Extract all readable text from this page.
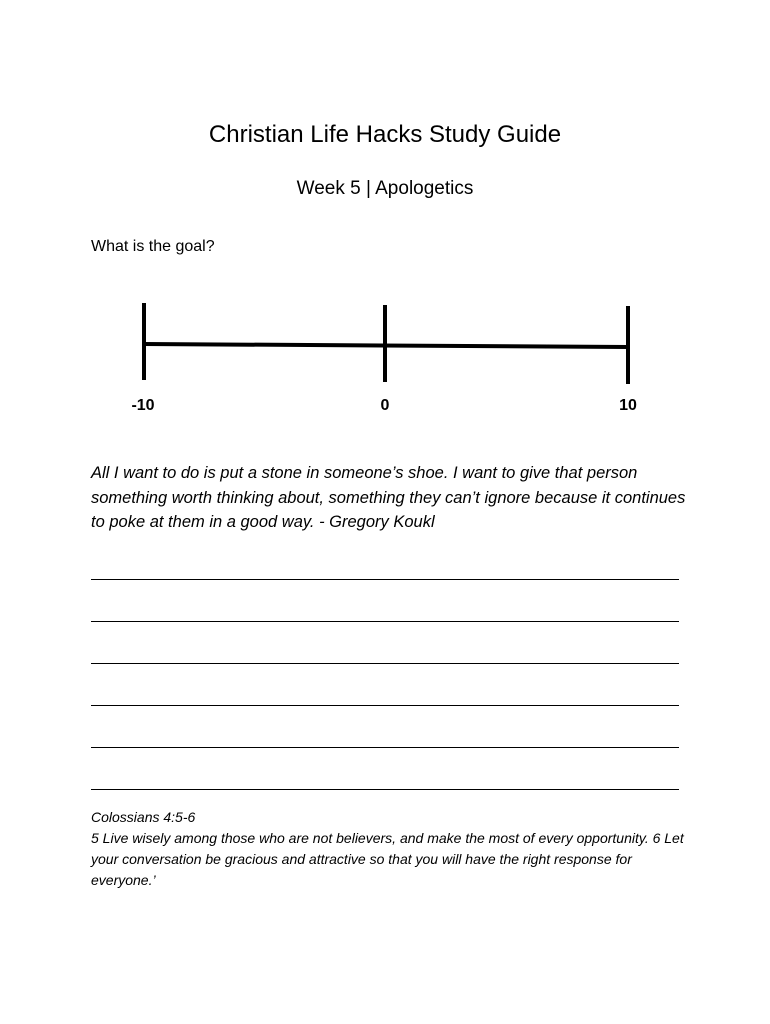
Christian Life Hacks Study Guide
Week 5 | Apologetics
What is the goal?
-10	0	10
All I want to do is put a stone in someone’s shoe. I want to give that person something worth thinking about, something they can’t ignore because it continues to poke at them in a good way. - Gregory Koukl

Colossians 4:5-6

5 Live wisely among those who are not believers, and make the most of every opportunity. 6 Let your conversation be gracious and attractive so that you will have the right response for everyone.’
